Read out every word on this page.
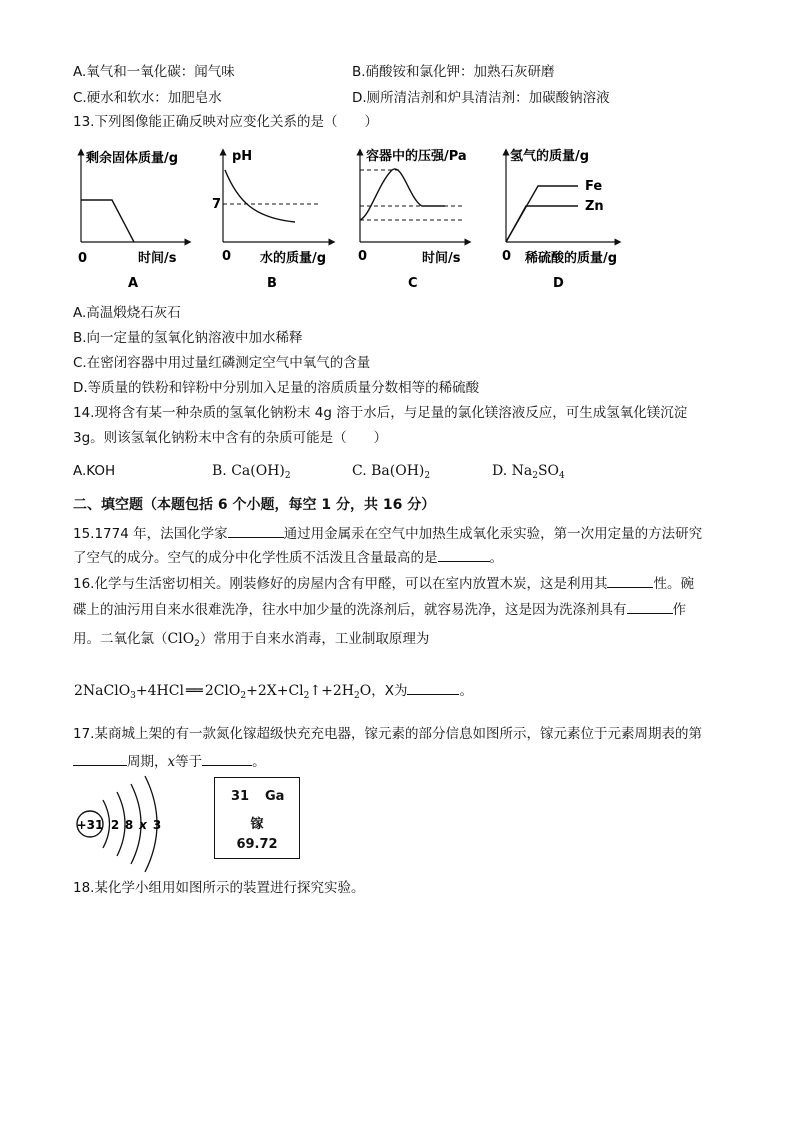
A.氧气和一氧化碳：闻气味	B.硝酸铵和氯化钾：加熟石灰研磨
C.硬水和软水：加肥皂水	D.厕所清洁剂和炉具清洁剂：加碳酸钠溶液
13.下列图像能正确反映对应变化关系的是（　　）
剩余固体质量/g
0	时间/s
A
pH
7
0 水的质量/g
B
容器中的压强/Pa
0	时间/s
C
氢气的质量/g
Fe
Zn
0 稀硫酸的质量/g
D
A.高温煅烧石灰石
B.向一定量的氢氧化钠溶液中加水稀释
C.在密闭容器中用过量红磷测定空气中氧气的含量
D.等质量的铁粉和锌粉中分别加入足量的溶质质量分数相等的稀硫酸
14.现将含有某一种杂质的氢氧化钠粉末 4g 溶于水后，与足量的氯化镁溶液反应，可生成氢氧化镁沉淀
3g。则该氢氧化钠粉末中含有的杂质可能是（　　）
A.KOH	B. $Ca(OH)_2$	C. $Ba(OH)_2$	D. $Na_2SO_4$
二、填空题（本题包括 6 个小题，每空 1 分，共 16 分）
15.1774 年，法国化学家	通过用金属汞在空气中加热生成氧化汞实验，第一次用定量的方法研究
了空气的成分。空气的成分中化学性质不活泼且含量最高的是	。
16.化学与生活密切相关。刚装修好的房屋内含有甲醛，可以在室内放置木炭，这是利用其	性。碗
碟上的油污用自来水很难洗净，往水中加少量的洗涤剂后，就容易洗净，这是因为洗涤剂具有	作
用。二氧化氯（ClO$_2$）常用于自来水消毒，工业制取原理为
2NaClO$_3$+4HCl ══ $2ClO_2+2X+Cl_2↑+2H_2O$，X为	。
17.某商城上架的有一款氮化镓超级快充充电器，镓元素的部分信息如图所示，镓元素位于元素周期表的第
周期，x等于	。
+31 2 8 x 3
31 Ga
镓
69.72
18.某化学小组用如图所示的装置进行探究实验。
